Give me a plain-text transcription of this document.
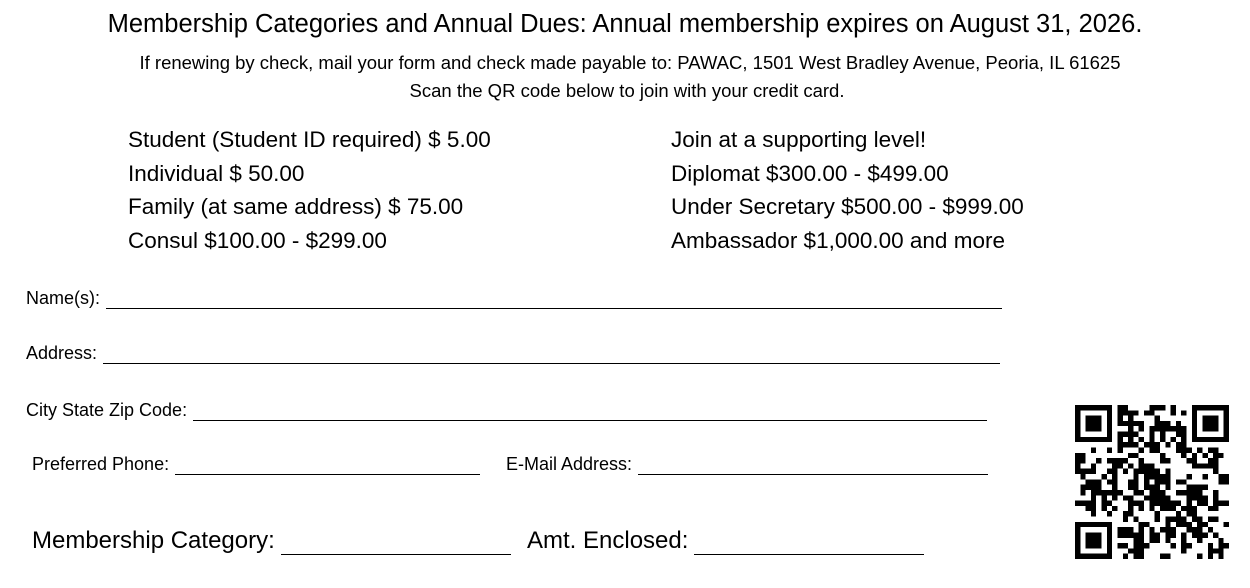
Membership Categories and Annual Dues: Annual membership expires on August 31, 2026.
If renewing by check, mail your form and check made payable to: PAWAC, 1501 West Bradley Avenue, Peoria, IL 61625
Scan the QR code below to join with your credit card.
Student (Student ID required) $ 5.00
Individual $ 50.00
Family (at same address) $ 75.00
Consul $100.00 - $299.00
Join at a supporting level!
Diplomat $300.00 - $499.00
Under Secretary $500.00 - $999.00
Ambassador $1,000.00 and more
Name(s):
Address:
City State Zip Code:
Preferred Phone:	E-Mail Address:
Membership Category:	Amt. Enclosed:
